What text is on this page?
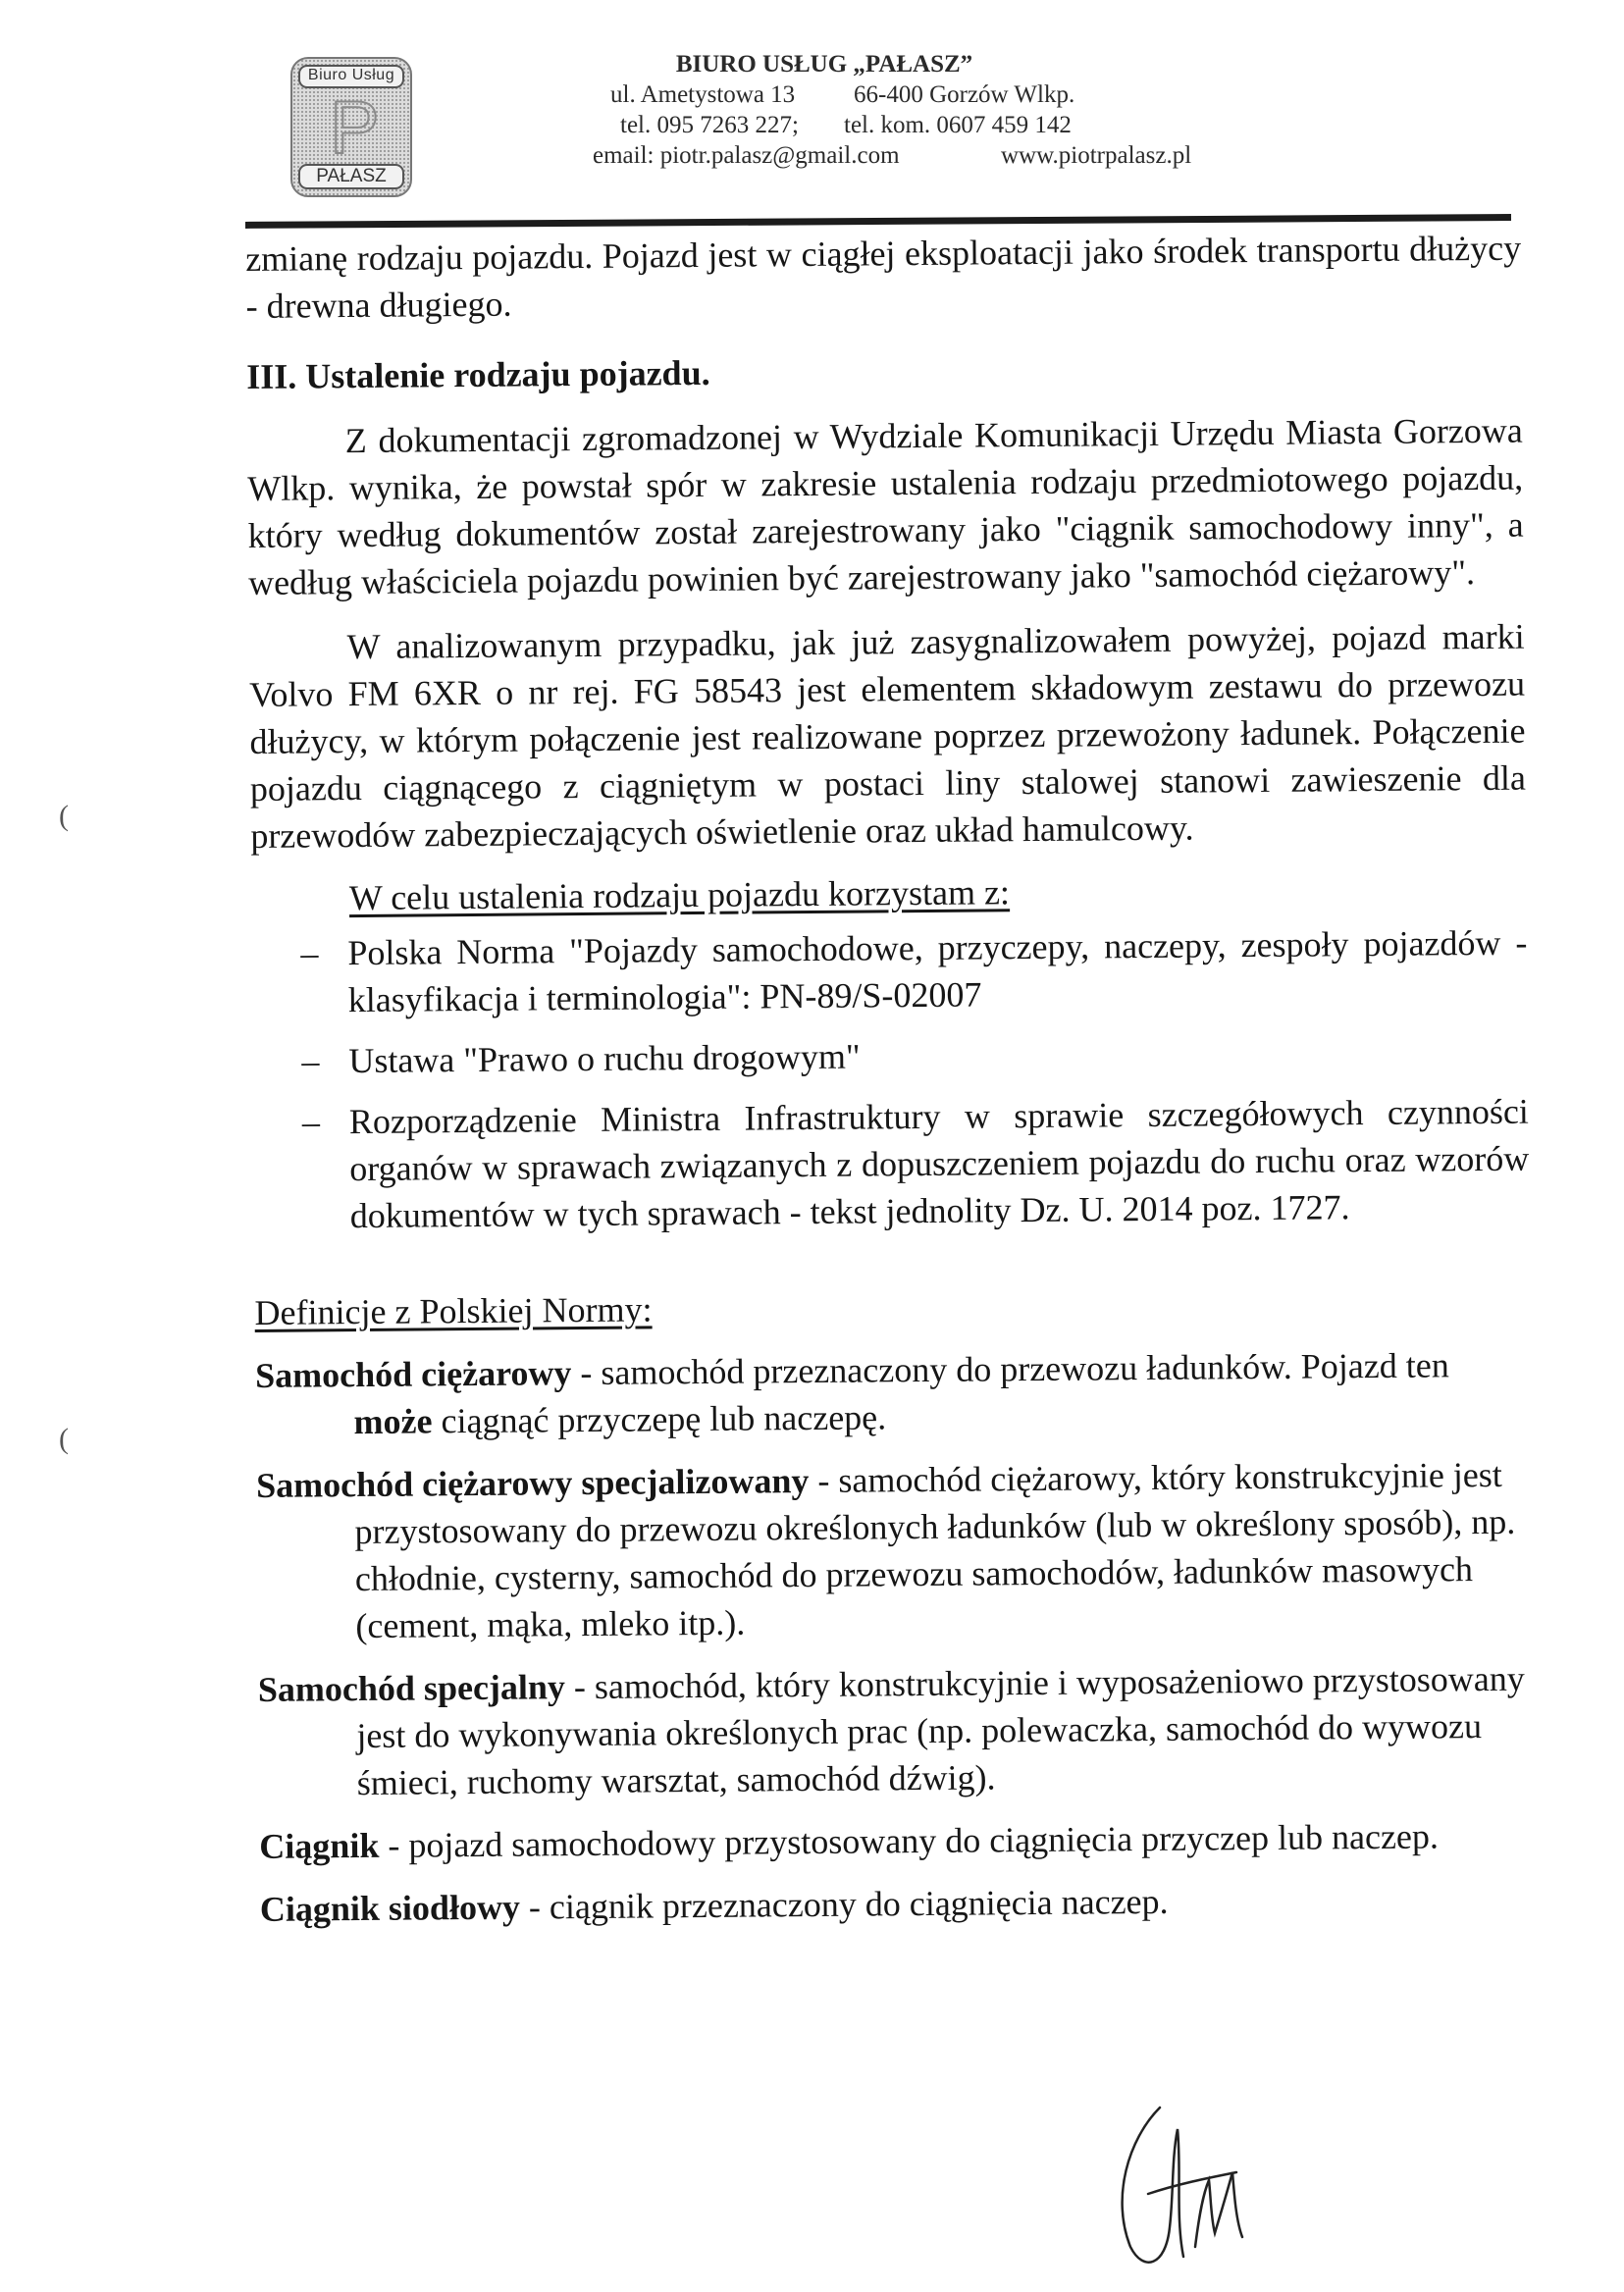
Biuro Usług
P
PAŁASZ
BIURO USŁUG „PAŁASZ”
ul. Ametystowa 13 66-400 Gorzów Wlkp.
tel. 095 7263 227; tel. kom. 0607 459 142
email: piotr.palasz@gmail.com	www.piotrpalasz.pl

zmianę rodzaju pojazdu. Pojazd jest w ciągłej eksploatacji jako środek transportu dłużycy - drewna długiego.

III. Ustalenie rodzaju pojazdu.

Z dokumentacji zgromadzonej w Wydziale Komunikacji Urzędu Miasta Gorzowa Wlkp. wynika, że powstał spór w zakresie ustalenia rodzaju przedmiotowego pojazdu, który według dokumentów został zarejestrowany jako "ciągnik samochodowy inny", a według właściciela pojazdu powinien być zarejestrowany jako "samochód ciężarowy".

W analizowanym przypadku, jak już zasygnalizowałem powyżej, pojazd marki Volvo FM 6XR o nr rej. FG 58543 jest elementem składowym zestawu do przewozu dłużycy, w którym połączenie jest realizowane poprzez przewożony ładunek. Połączenie pojazdu ciągnącego z ciągniętym w postaci liny stalowej stanowi zawieszenie dla przewodów zabezpieczających oświetlenie oraz układ hamulcowy.

W celu ustalenia rodzaju pojazdu korzystam z:

– Polska Norma "Pojazdy samochodowe, przyczepy, naczepy, zespoły pojazdów - klasyfikacja i terminologia": PN-89/S-02007
– Ustawa "Prawo o ruchu drogowym"
– Rozporządzenie Ministra Infrastruktury w sprawie szczegółowych czynności organów w sprawach związanych z dopuszczeniem pojazdu do ruchu oraz wzorów dokumentów w tych sprawach - tekst jednolity Dz. U. 2014 poz. 1727.

Definicje z Polskiej Normy:

Samochód ciężarowy - samochód przeznaczony do przewozu ładunków. Pojazd ten może ciągnąć przyczepę lub naczepę.

Samochód ciężarowy specjalizowany - samochód ciężarowy, który konstrukcyjnie jest przystosowany do przewozu określonych ładunków (lub w określony sposób), np. chłodnie, cysterny, samochód do przewozu samochodów, ładunków masowych (cement, mąka, mleko itp.).

Samochód specjalny - samochód, który konstrukcyjnie i wyposażeniowo przystosowany jest do wykonywania określonych prac (np. polewaczka, samochód do wywozu śmieci, ruchomy warsztat, samochód dźwig).

Ciągnik - pojazd samochodowy przystosowany do ciągnięcia przyczep lub naczep.

Ciągnik siodłowy - ciągnik przeznaczony do ciągnięcia naczep.

(
(
